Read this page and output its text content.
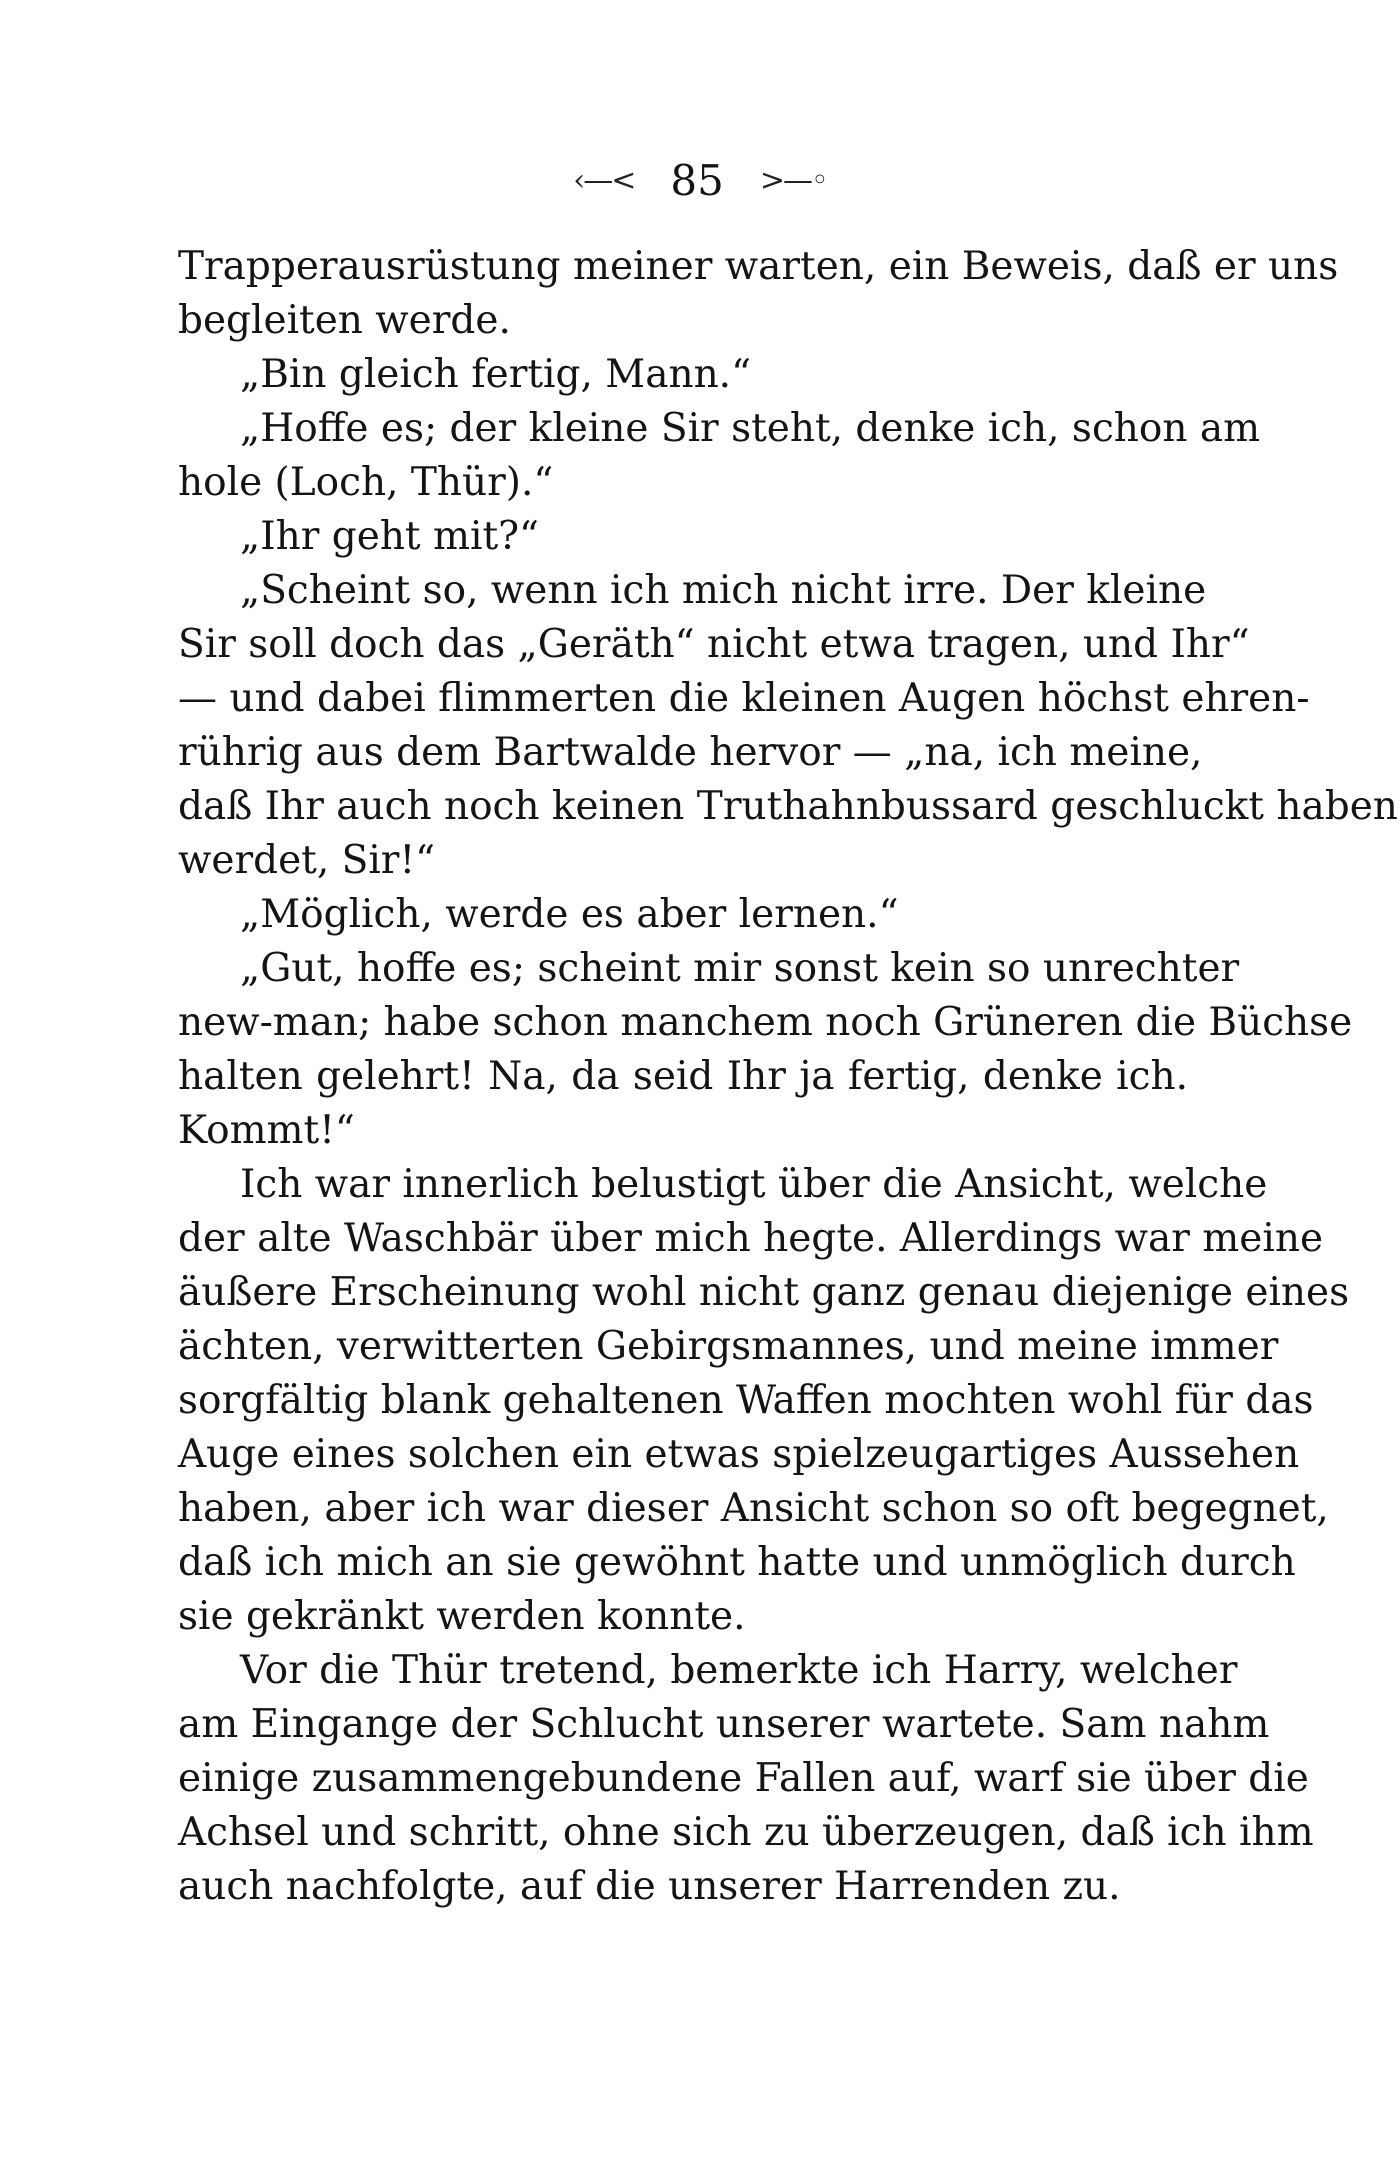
‹—< 85 >—◦
Trapperausrüstung meiner warten, ein Beweis, daß er uns
begleiten werde.
„Bin gleich fertig, Mann.“
„Hoffe es; der kleine Sir steht, denke ich, schon am
hole (Loch, Thür).“
„Ihr geht mit?“
„Scheint so, wenn ich mich nicht irre. Der kleine
Sir soll doch das „Geräth“ nicht etwa tragen, und Ihr“
— und dabei flimmerten die kleinen Augen höchst ehren-
rührig aus dem Bartwalde hervor — „na, ich meine,
daß Ihr auch noch keinen Truthahnbussard geschluckt haben
werdet, Sir!“
„Möglich, werde es aber lernen.“
„Gut, hoffe es; scheint mir sonst kein so unrechter
new-man; habe schon manchem noch Grüneren die Büchse
halten gelehrt! Na, da seid Ihr ja fertig, denke ich.
Kommt!“
Ich war innerlich belustigt über die Ansicht, welche
der alte Waschbär über mich hegte. Allerdings war meine
äußere Erscheinung wohl nicht ganz genau diejenige eines
ächten, verwitterten Gebirgsmannes, und meine immer
sorgfältig blank gehaltenen Waffen mochten wohl für das
Auge eines solchen ein etwas spielzeugartiges Aussehen
haben, aber ich war dieser Ansicht schon so oft begegnet,
daß ich mich an sie gewöhnt hatte und unmöglich durch
sie gekränkt werden konnte.
Vor die Thür tretend, bemerkte ich Harry, welcher
am Eingange der Schlucht unserer wartete. Sam nahm
einige zusammengebundene Fallen auf, warf sie über die
Achsel und schritt, ohne sich zu überzeugen, daß ich ihm
auch nachfolgte, auf die unserer Harrenden zu.
